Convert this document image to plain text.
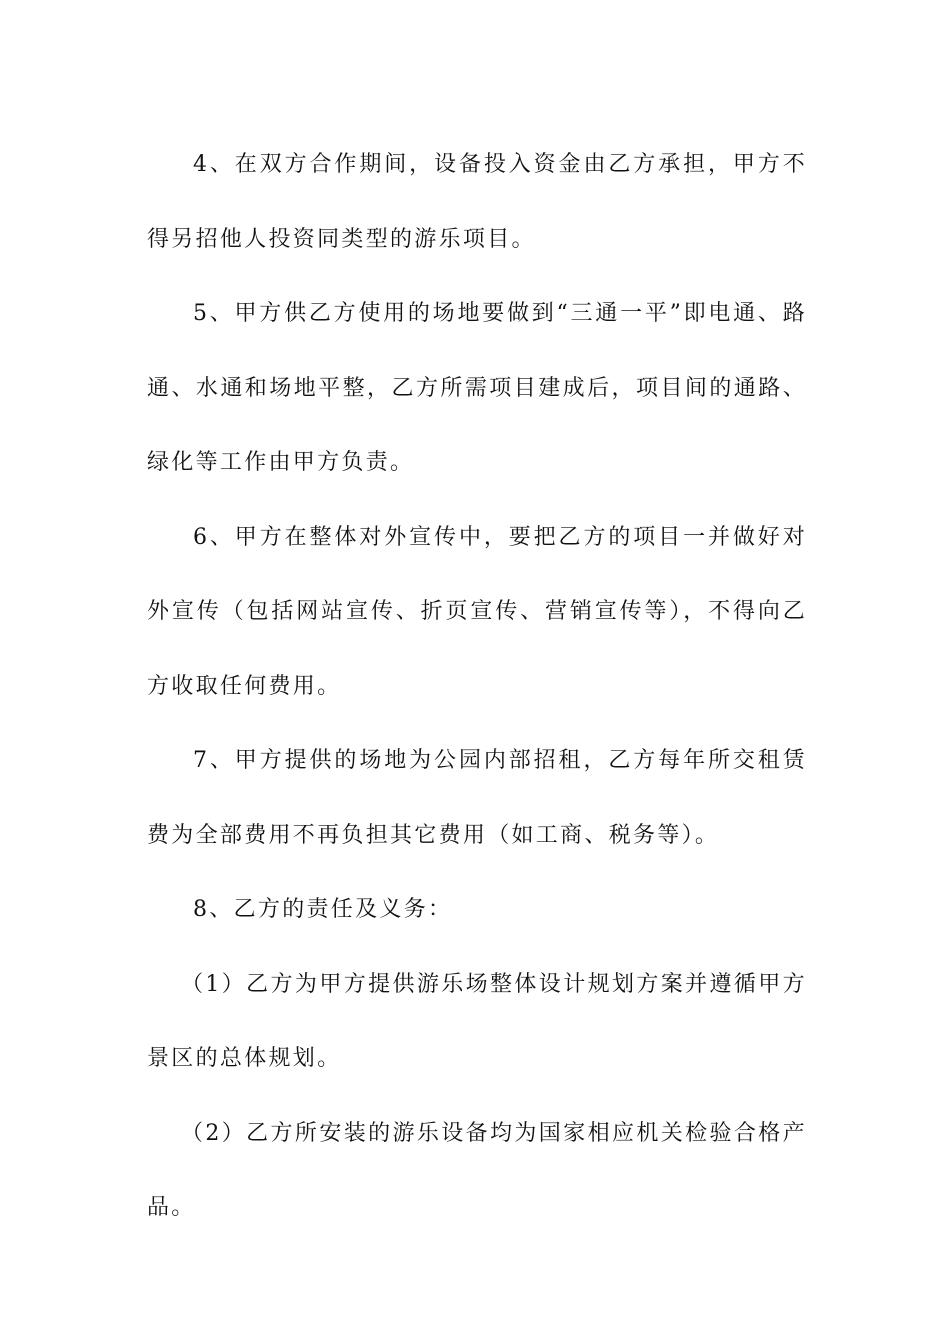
4、在双方合作期间，设备投入资金由乙方承担，甲方不得另招他人投资同类型的游乐项目。

5、甲方供乙方使用的场地要做到“三通一平”即电通、路通、水通和场地平整，乙方所需项目建成后，项目间的通路、绿化等工作由甲方负责。

6、甲方在整体对外宣传中，要把乙方的项目一并做好对外宣传（包括网站宣传、折页宣传、营销宣传等），不得向乙方收取任何费用。

7、甲方提供的场地为公园内部招租，乙方每年所交租赁费为全部费用不再负担其它费用（如工商、税务等）。

8、乙方的责任及义务：

（1）乙方为甲方提供游乐场整体设计规划方案并遵循甲方景区的总体规划。

（2）乙方所安装的游乐设备均为国家相应机关检验合格产品。
